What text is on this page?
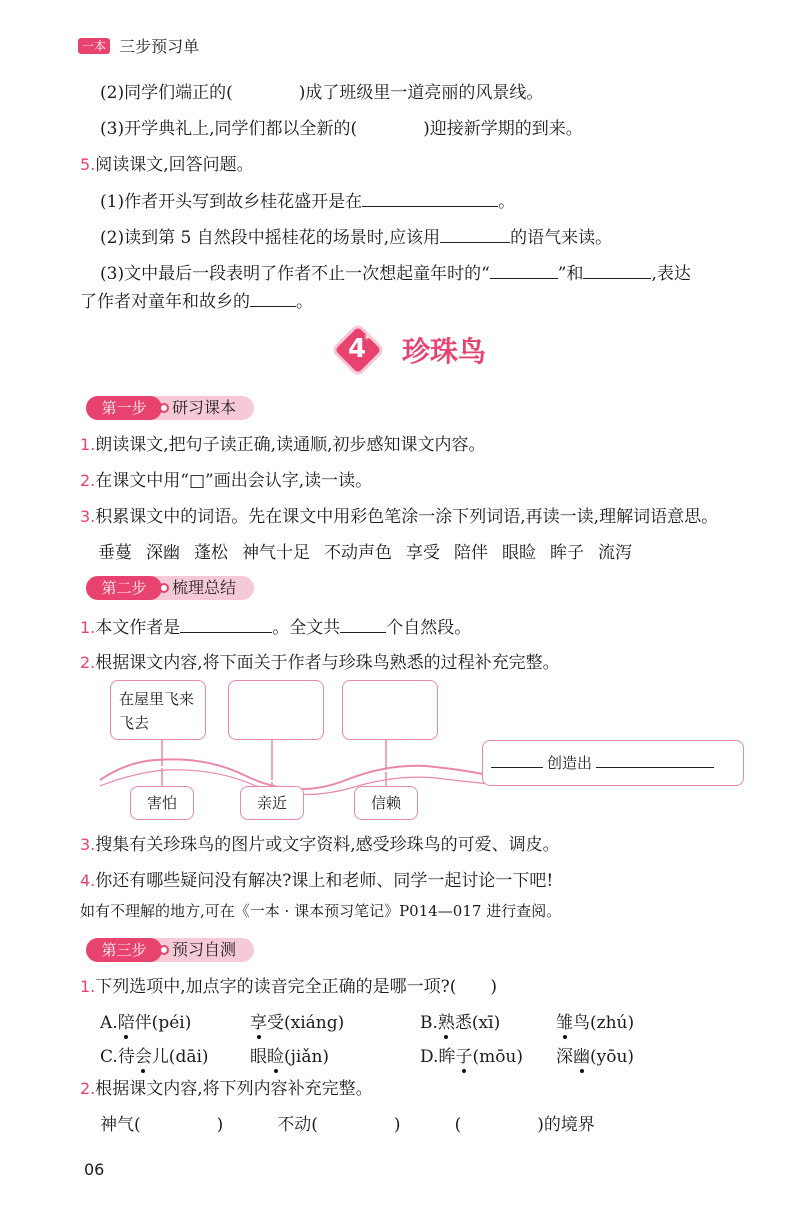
一本 三步预习单
(2)同学们端正的(	)成了班级里一道亮丽的风景线。
(3)开学典礼上,同学们都以全新的(	)迎接新学期的到来。
5.阅读课文,回答问题。
(1)作者开头写到故乡桂花盛开是在	。
(2)读到第 5 自然段中摇桂花的场景时,应该用	的语气来读。
(3)文中最后一段表明了作者不止一次想起童年时的“	”和	,表达
了作者对童年和故乡的	。
4
* 珍珠鸟
第一步	研习课本
1.朗读课文,把句子读正确,读通顺,初步感知课文内容。
2.在课文中用“□”画出会认字,读一读。
3.积累课文中的词语。先在课文中用彩色笔涂一涂下列词语,再读一读,理解词语意思。
垂蔓 深幽 蓬松 神气十足 不动声色 享受 陪伴 眼睑 眸子 流泻
第二步	梳理总结
1.本文作者是	。全文共	个自然段。
2.根据课文内容,将下面关于作者与珍珠鸟熟悉的过程补充完整。
在屋里飞来飞去
害怕	亲近	信赖
创造出
3.搜集有关珍珠鸟的图片或文字资料,感受珍珠鸟的可爱、调皮。
4.你还有哪些疑问没有解决?课上和老师、同学一起讨论一下吧!
如有不理解的地方,可在《一本 · 课本预习笔记》P014—017 进行查阅。
第三步	预习自测
1.下列选项中,加点字的读音完全正确的是哪一项?(　　)
A.陪伴(péi)	享受(xiáng)	B.熟悉(xī)	雏鸟(zhú)
C.待会儿(dāi) 眼睑(jiǎn)	D.眸子(mōu) 深幽(yōu)
2.根据课文内容,将下列内容补充完整。
神气(	)	不动(	)	(	)的境界
06
